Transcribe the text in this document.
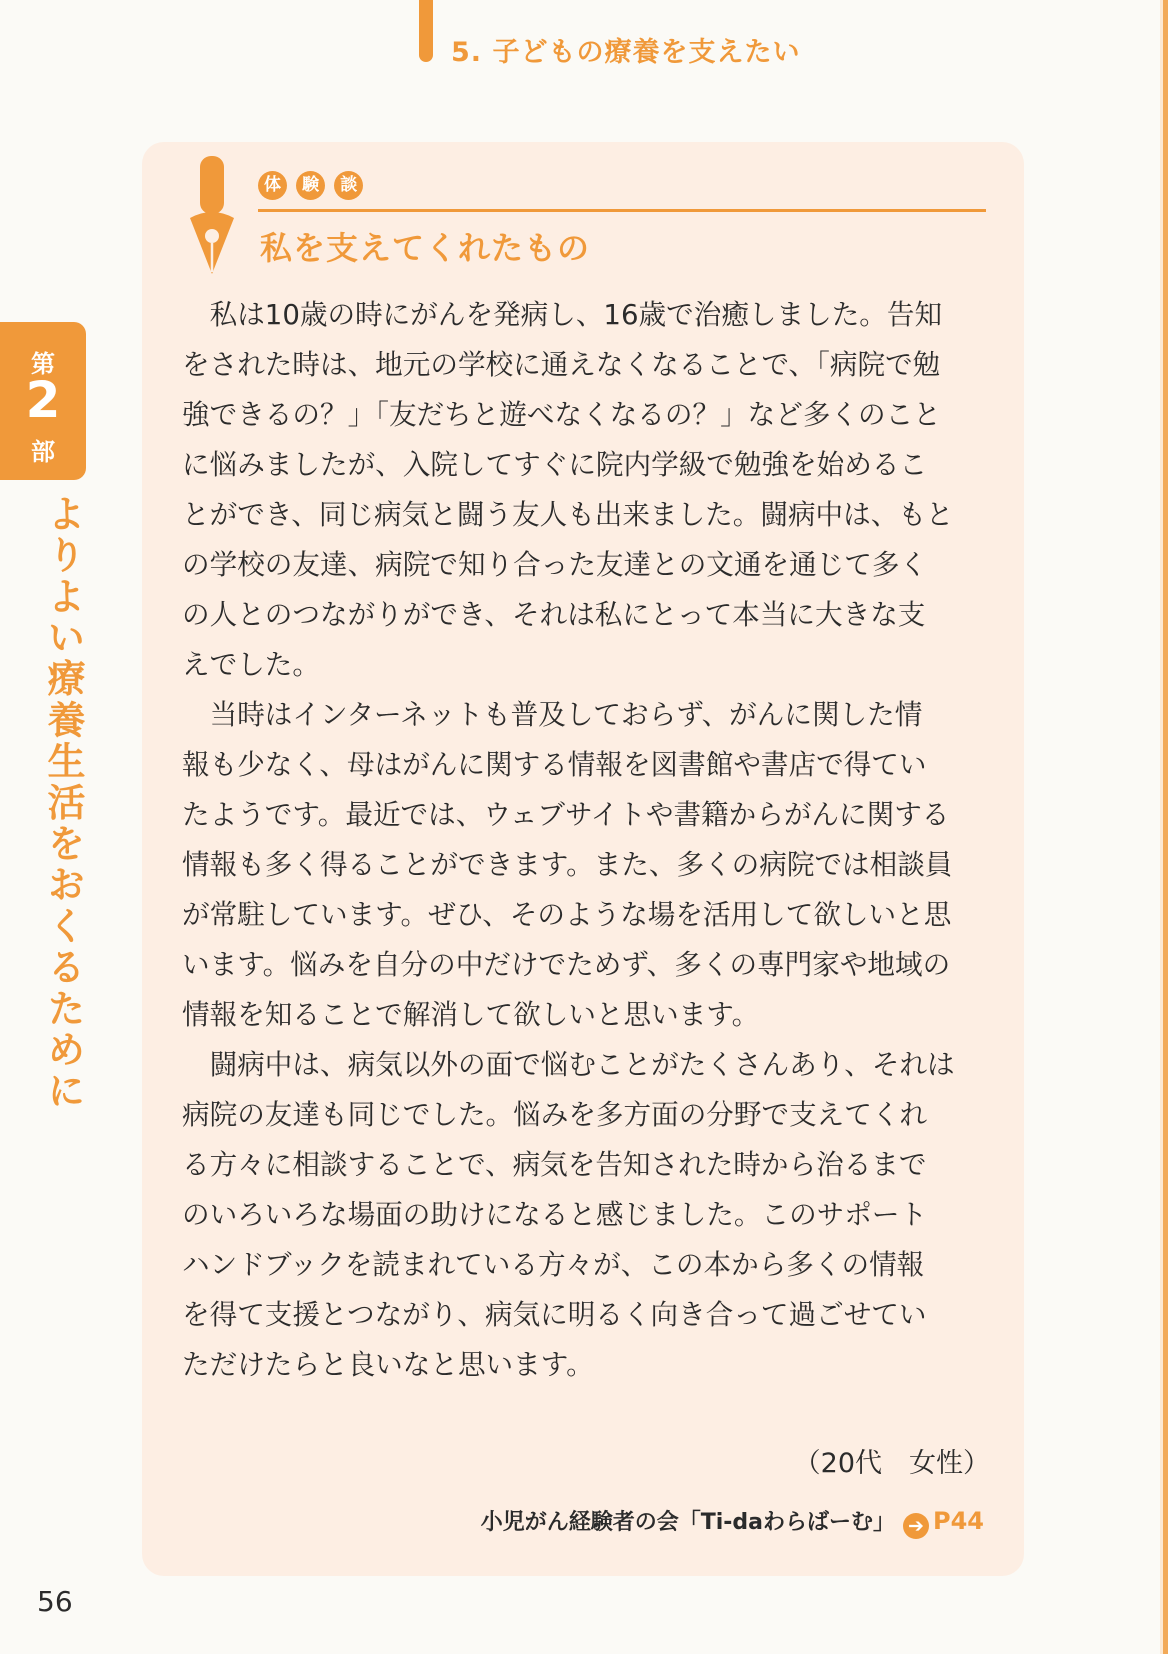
5. 子どもの療養を支えたい
第
2
部
よりよい療養生活をおくるために
体 験 談
私を支えてくれたもの
　私は10歳の時にがんを発病し、16歳で治癒しました。告知
をされた時は、地元の学校に通えなくなることで、「病院で勉
強できるの？」「友だちと遊べなくなるの？」など多くのこと
に悩みましたが、入院してすぐに院内学級で勉強を始めるこ
とができ、同じ病気と闘う友人も出来ました。闘病中は、もと
の学校の友達、病院で知り合った友達との文通を通じて多く
の人とのつながりができ、それは私にとって本当に大きな支
えでした。
　当時はインターネットも普及しておらず、がんに関した情
報も少なく、母はがんに関する情報を図書館や書店で得てい
たようです。最近では、ウェブサイトや書籍からがんに関する
情報も多く得ることができます。また、多くの病院では相談員
が常駐しています。ぜひ、そのような場を活用して欲しいと思
います。悩みを自分の中だけでためず、多くの専門家や地域の
情報を知ることで解消して欲しいと思います。
　闘病中は、病気以外の面で悩むことがたくさんあり、それは
病院の友達も同じでした。悩みを多方面の分野で支えてくれ
る方々に相談することで、病気を告知された時から治るまで
のいろいろな場面の助けになると感じました。このサポート
ハンドブックを読まれている方々が、この本から多くの情報
を得て支援とつながり、病気に明るく向き合って過ごせてい
ただけたらと良いなと思います。
（20代　女性）
小児がん経験者の会「Ti-daわらばーむ」 ➔ P44
56
